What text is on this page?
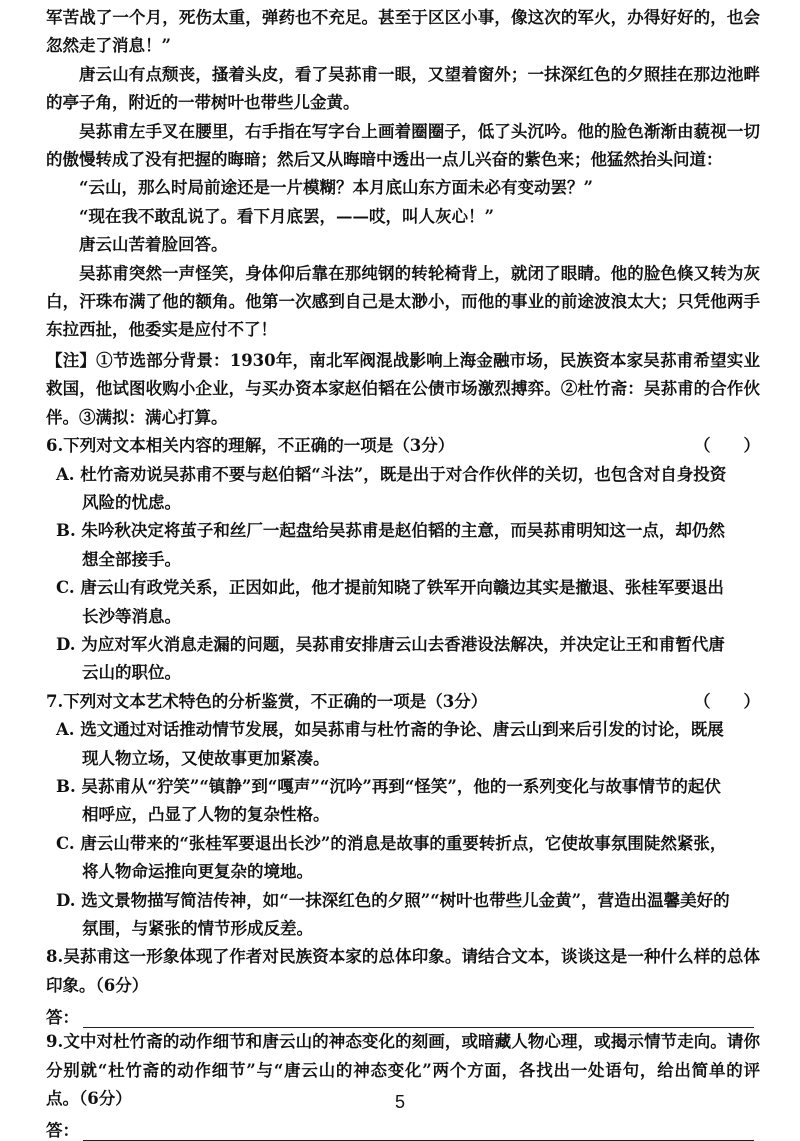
军苦战了一个月，死伤太重，弹药也不充足。甚至于区区小事，像这次的军火，办得好好的，也会忽然走了消息！”

唐云山有点颓丧，搔着头皮，看了吴荪甫一眼，又望着窗外；一抹深红色的夕照挂在那边池畔的亭子角，附近的一带树叶也带些儿金黄。

吴荪甫左手叉在腰里，右手指在写字台上画着圈圈子，低了头沉吟。他的脸色渐渐由藐视一切的傲慢转成了没有把握的晦暗；然后又从晦暗中透出一点儿兴奋的紫色来；他猛然抬头问道：

“云山，那么时局前途还是一片模糊？本月底山东方面未必有变动罢？”

“现在我不敢乱说了。看下月底罢，——哎，叫人灰心！”

唐云山苦着脸回答。

吴荪甫突然一声怪笑，身体仰后靠在那纯钢的转轮椅背上，就闭了眼睛。他的脸色倏又转为灰白，汗珠布满了他的额角。他第一次感到自己是太渺小，而他的事业的前途波浪太大；只凭他两手东拉西扯，他委实是应付不了！

【注】①节选部分背景：1930年，南北军阀混战影响上海金融市场，民族资本家吴荪甫希望实业救国，他试图收购小企业，与买办资本家赵伯韬在公债市场激烈搏弈。②杜竹斋：吴荪甫的合作伙伴。③满拟：满心打算。

6.下列对文本相关内容的理解，不正确的一项是（3分）	（　　）

A. 杜竹斋劝说吴荪甫不要与赵伯韬“斗法”，既是出于对合作伙伴的关切，也包含对自身投资

风险的忧虑。

B. 朱吟秋决定将茧子和丝厂一起盘给吴荪甫是赵伯韬的主意，而吴荪甫明知这一点，却仍然

想全部接手。

C. 唐云山有政党关系，正因如此，他才提前知晓了铁军开向赣边其实是撤退、张桂军要退出

长沙等消息。

D. 为应对军火消息走漏的问题，吴荪甫安排唐云山去香港设法解决，并决定让王和甫暂代唐

云山的职位。

7.下列对文本艺术特色的分析鉴赏，不正确的一项是（3分）	（　　）

A. 选文通过对话推动情节发展，如吴荪甫与杜竹斋的争论、唐云山到来后引发的讨论，既展

现人物立场，又使故事更加紧凑。

B. 吴荪甫从“狞笑”“镇静”到“嘎声”“沉吟”再到“怪笑”，他的一系列变化与故事情节的起伏

相呼应，凸显了人物的复杂性格。

C. 唐云山带来的“张桂军要退出长沙”的消息是故事的重要转折点，它使故事氛围陡然紧张，

将人物命运推向更复杂的境地。

D. 选文景物描写简洁传神，如“一抹深红色的夕照”“树叶也带些儿金黄”，营造出温馨美好的

氛围，与紧张的情节形成反差。

8.吴荪甫这一形象体现了作者对民族资本家的总体印象。请结合文本，谈谈这是一种什么样的总体印象。（6分）

答：

9.文中对杜竹斋的动作细节和唐云山的神态变化的刻画，或暗藏人物心理，或揭示情节走向。请你分别就“杜竹斋的动作细节”与“唐云山的神态变化”两个方面，各找出一处语句，给出简单的评点。（6分）

答：
5
